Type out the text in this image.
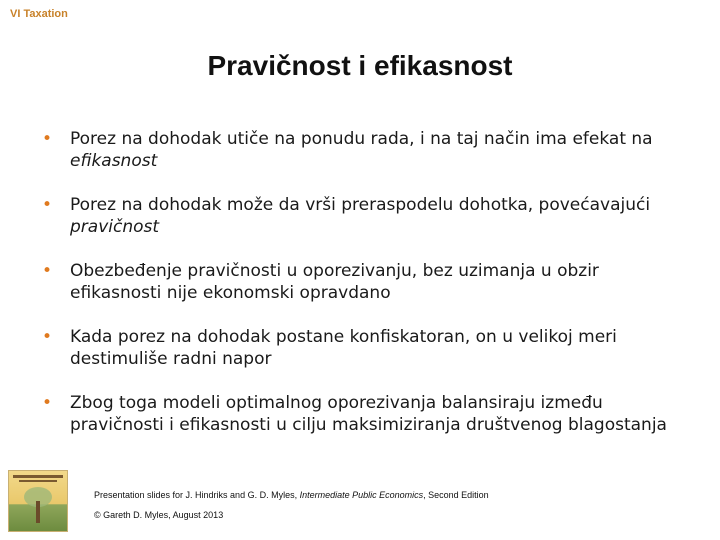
VI Taxation
Pravičnost i efikasnost
• Porez na dohodak utiče na ponudu rada, i na taj način ima efekat na efikasnost
• Porez na dohodak može da vrši preraspodelu dohotka, povećavajući pravičnost
• Obezbeđenje pravičnosti u oporezivanju, bez uzimanja u obzir efikasnosti nije ekonomski opravdano
• Kada porez na dohodak postane konfiskatoran, on u velikoj meri destimuliše radni napor
• Zbog toga modeli optimalnog oporezivanja balansiraju između pravičnosti i efikasnosti u cilju maksimiziranja društvenog blagostanja
Presentation slides for J. Hindriks and G. D. Myles, Intermediate Public Economics, Second Edition
© Gareth D. Myles, August 2013
